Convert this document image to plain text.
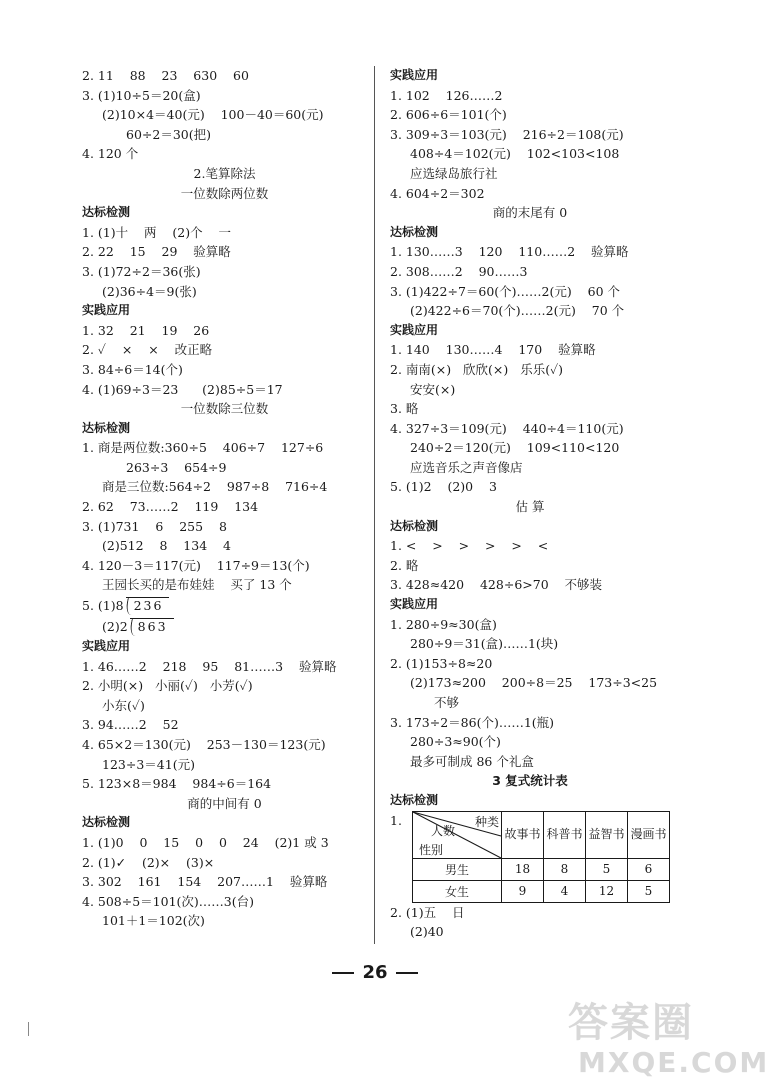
2. 11    88    23    630    60
3. (1)10÷5＝20(盒)
(2)10×4＝40(元)    100－40＝60(元)
60÷2＝30(把)
4. 120 个
2.笔算除法
一位数除两位数
达标检测
1. (1)十    两    (2)个    一
2. 22    15    29    验算略
3. (1)72÷2＝36(张)
(2)36÷4＝9(张)
实践应用
1. 32    21    19    26
2. ✓    ×    ×    改正略
3. 84÷6＝14(个)
4. (1)69÷3＝23      (2)85÷5＝17
一位数除三位数
达标检测
1. 商是两位数:360÷5    406÷7    127÷6
263÷3    654÷9
商是三位数:564÷2    987÷8    716÷4
2. 62    73……2    119    134
3. (1)731    6    255    8
(2)512    8    134    4
4. 120－3＝117(元)    117÷9＝13(个)
王园长买的是布娃娃    买了 13 个
5. (1) 8 236
(2) 2 863
实践应用
1. 46……2    218    95    81……3    验算略
2. 小明(×)   小丽(✓)   小芳(✓)
小东(✓)
3. 94……2    52
4. 65×2＝130(元)    253－130＝123(元)
123÷3＝41(元)
5. 123×8＝984    984÷6＝164
商的中间有 0
达标检测
1. (1)0    0    15    0    0    24    (2)1 或 3
2. (1)✓    (2)×    (3)×
3. 302    161    154    207……1    验算略
4. 508÷5＝101(次)……3(台)
101＋1＝102(次)
实践应用
1. 102    126……2
2. 606÷6＝101(个)
3. 309÷3＝103(元)    216÷2＝108(元)
408÷4＝102(元)    102<103<108
应选绿岛旅行社
4. 604÷2＝302
商的末尾有 0
达标检测
1. 130……3    120    110……2    验算略
2. 308……2    90……3
3. (1)422÷7＝60(个)……2(元)    60 个
(2)422÷6＝70(个)……2(元)    70 个
实践应用
1. 140    130……4    170    验算略
2. 南南(×)   欣欣(×)   乐乐(✓)
安安(×)
3. 略
4. 327÷3＝109(元)    440÷4＝110(元)
240÷2＝120(元)    109<110<120
应选音乐之声音像店
5. (1)2    (2)0    3
估 算
达标检测
1. <    >    >    >    >    <
2. 略
3. 428≈420    428÷6>70    不够装
实践应用
1. 280÷9≈30(盒)
280÷9＝31(盒)……1(块)
2. (1)153÷8≈20
(2)173≈200    200÷8＝25    173÷3<25
不够
3. 173÷2＝86(个)……1(瓶)
280÷3≈90(个)
最多可制成 86 个礼盒
3 复式统计表
达标检测
1.	种类
人数
性别	故事书	科普书	益智书	漫画书
男生	18	8	5	6
女生	9	4	12	5
2. (1)五    日
(2)40
26
答案圈
MXQE.COM
